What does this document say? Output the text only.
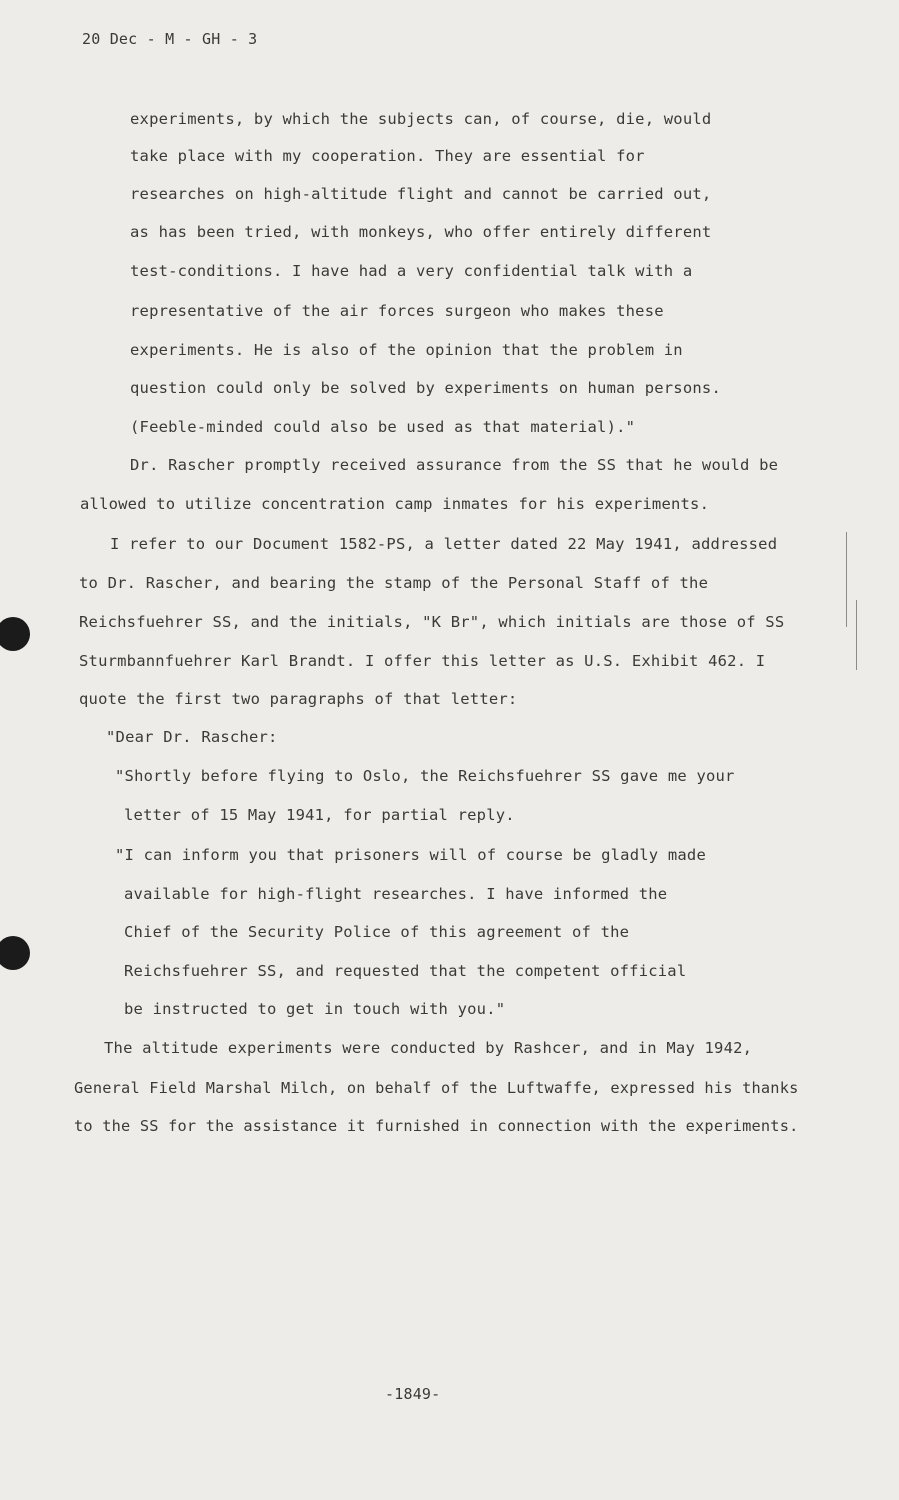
20 Dec - M - GH - 3
experiments, by which the subjects can, of course, die, would
take place with my cooperation. They are essential for
researches on high-altitude flight and cannot be carried out,
as has been tried, with monkeys, who offer entirely different
test-conditions. I have had a very confidential talk with a
representative of the air forces surgeon who makes these
experiments. He is also of the opinion that the problem in
question could only be solved by experiments on human persons.
(Feeble-minded could also be used as that material)."
Dr. Rascher promptly received assurance from the SS that he would be
allowed to utilize concentration camp inmates for his experiments.
I refer to our Document 1582-PS, a letter dated 22 May 1941, addressed
to Dr. Rascher, and bearing the stamp of the Personal Staff of the
Reichsfuehrer SS, and the initials, "K Br", which initials are those of SS
Sturmbannfuehrer Karl Brandt. I offer this letter as U.S. Exhibit 462. I
quote the first two paragraphs of that letter:
"Dear Dr. Rascher:
"Shortly before flying to Oslo, the Reichsfuehrer SS gave me your
letter of 15 May 1941, for partial reply.
"I can inform you that prisoners will of course be gladly made
available for high-flight researches. I have informed the
Chief of the Security Police of this agreement of the
Reichsfuehrer SS, and requested that the competent official
be instructed to get in touch with you."
The altitude experiments were conducted by Rashcer, and in May 1942,
General Field Marshal Milch, on behalf of the Luftwaffe, expressed his thanks
to the SS for the assistance it furnished in connection with the experiments.
-1849-
